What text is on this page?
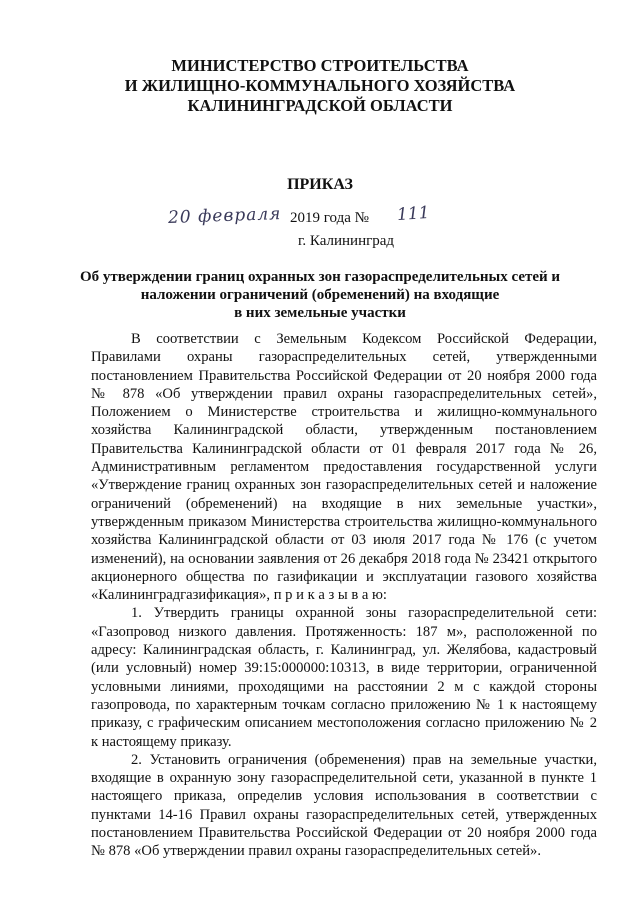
МИНИСТЕРСТВО СТРОИТЕЛЬСТВА
И ЖИЛИЩНО-КОММУНАЛЬНОГО ХОЗЯЙСТВА
КАЛИНИНГРАДСКОЙ ОБЛАСТИ
ПРИКАЗ
20 февраля 2019 года № 111
г. Калининград
Об утверждении границ охранных зон газораспределительных сетей и
наложении ограничений (обременений) на входящие
в них земельные участки

В соответствии с Земельным Кодексом Российской Федерации, Правилами охраны газораспределительных сетей, утвержденными постановлением Правительства Российской Федерации от 20 ноября 2000 года № 878 «Об утверждении правил охраны газораспределительных сетей», Положением о Министерстве строительства и жилищно-коммунального хозяйства Калининградской области, утвержденным постановлением Правительства Калининградской области от 01 февраля 2017 года № 26, Административным регламентом предоставления государственной услуги «Утверждение границ охранных зон газораспределительных сетей и наложение ограничений (обременений) на входящие в них земельные участки», утвержденным приказом Министерства строительства жилищно-коммунального хозяйства Калининградской области от 03 июля 2017 года № 176 (с учетом изменений), на основании заявления от 26 декабря 2018 года № 23421 открытого акционерного общества по газификации и эксплуатации газового хозяйства «Калининградгазификация», п р и к а з ы в а ю:

1. Утвердить границы охранной зоны газораспределительной сети: «Газопровод низкого давления. Протяженность: 187 м», расположенной по адресу: Калининградская область, г. Калининград, ул. Желябова, кадастровый (или условный) номер 39:15:000000:10313, в виде территории, ограниченной условными линиями, проходящими на расстоянии 2 м с каждой стороны газопровода, по характерным точкам согласно приложению № 1 к настоящему приказу, с графическим описанием местоположения согласно приложению № 2 к настоящему приказу.

2. Установить ограничения (обременения) прав на земельные участки, входящие в охранную зону газораспределительной сети, указанной в пункте 1 настоящего приказа, определив условия использования в соответствии с пунктами 14-16 Правил охраны газораспределительных сетей, утвержденных постановлением Правительства Российской Федерации от 20 ноября 2000 года № 878 «Об утверждении правил охраны газораспределительных сетей».
